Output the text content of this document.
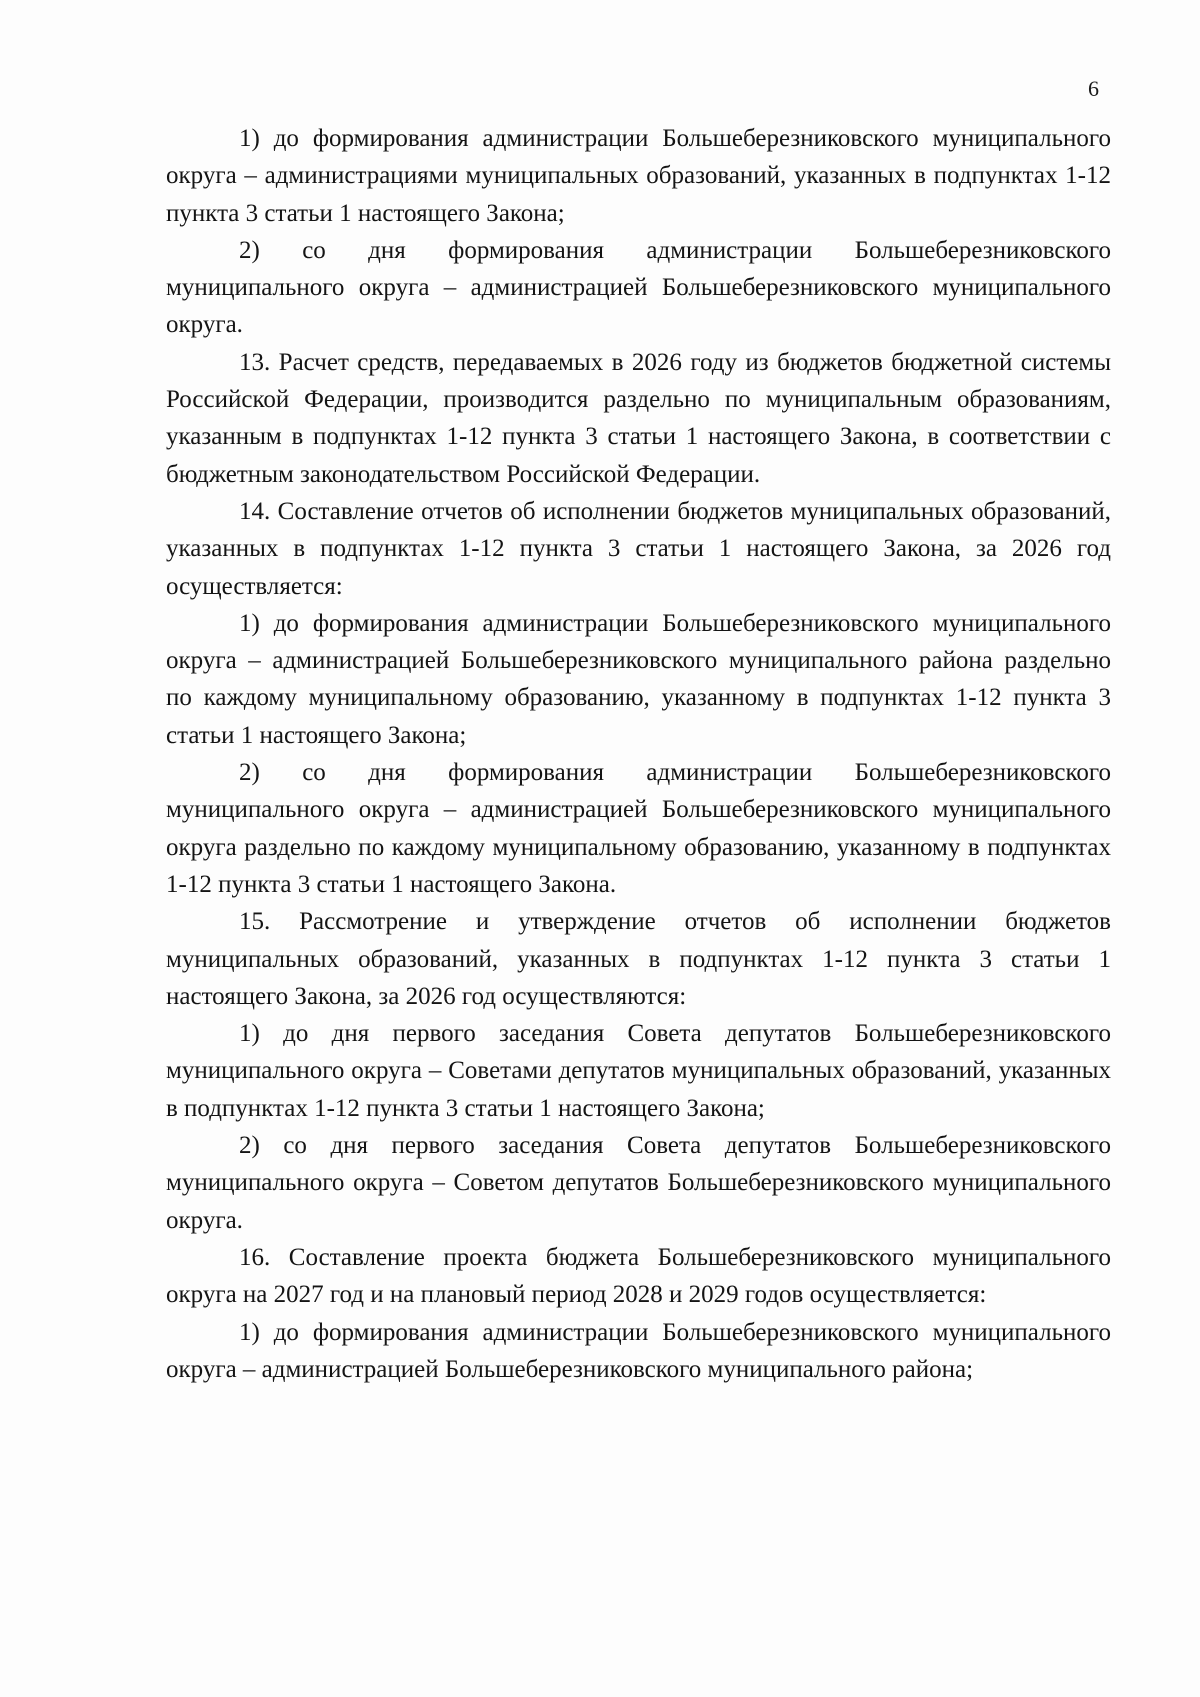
6

1) до формирования администрации Большеберезниковского муниципального округа – администрациями муниципальных образований, указанных в подпунктах 1-12 пункта 3 статьи 1 настоящего Закона;

2) со дня формирования администрации Большеберезниковского муниципального округа – администрацией Большеберезниковского муниципального округа.

13. Расчет средств, передаваемых в 2026 году из бюджетов бюджетной системы Российской Федерации, производится раздельно по муниципальным образованиям, указанным в подпунктах 1-12 пункта 3 статьи 1 настоящего Закона, в соответствии с бюджетным законодательством Российской Федерации.

14. Составление отчетов об исполнении бюджетов муниципальных образований, указанных в подпунктах 1-12 пункта 3 статьи 1 настоящего Закона, за 2026 год осуществляется:

1) до формирования администрации Большеберезниковского муниципального округа – администрацией Большеберезниковского муниципального района раздельно по каждому муниципальному образованию, указанному в подпунктах 1-12 пункта 3 статьи 1 настоящего Закона;

2) со дня формирования администрации Большеберезниковского муниципального округа – администрацией Большеберезниковского муниципального округа раздельно по каждому муниципальному образованию, указанному в подпунктах 1-12 пункта 3 статьи 1 настоящего Закона.

15. Рассмотрение и утверждение отчетов об исполнении бюджетов муниципальных образований, указанных в подпунктах 1-12 пункта 3 статьи 1 настоящего Закона, за 2026 год осуществляются:

1) до дня первого заседания Совета депутатов Большеберезниковского муниципального округа – Советами депутатов муниципальных образований, указанных в подпунктах 1-12 пункта 3 статьи 1 настоящего Закона;

2) со дня первого заседания Совета депутатов Большеберезниковского муниципального округа – Советом депутатов Большеберезниковского муниципального округа.

16. Составление проекта бюджета Большеберезниковского муниципального округа на 2027 год и на плановый период 2028 и 2029 годов осуществляется:

1) до формирования администрации Большеберезниковского муниципального округа – администрацией Большеберезниковского муниципального района;
